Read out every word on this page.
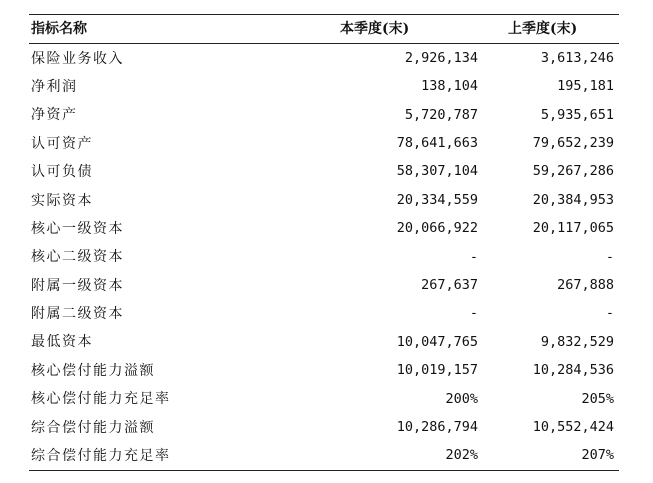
指标名称	本季度(末)	上季度(末)
保险业务收入	2,926,134	3,613,246
净利润	138,104	195,181
净资产	5,720,787	5,935,651
认可资产	78,641,663	79,652,239
认可负债	58,307,104	59,267,286
实际资本	20,334,559	20,384,953
核心一级资本	20,066,922	20,117,065
核心二级资本	-	-
附属一级资本	267,637	267,888
附属二级资本	-	-
最低资本	10,047,765	9,832,529
核心偿付能力溢额	10,019,157	10,284,536
核心偿付能力充足率	200%	205%
综合偿付能力溢额	10,286,794	10,552,424
综合偿付能力充足率	202%	207%
